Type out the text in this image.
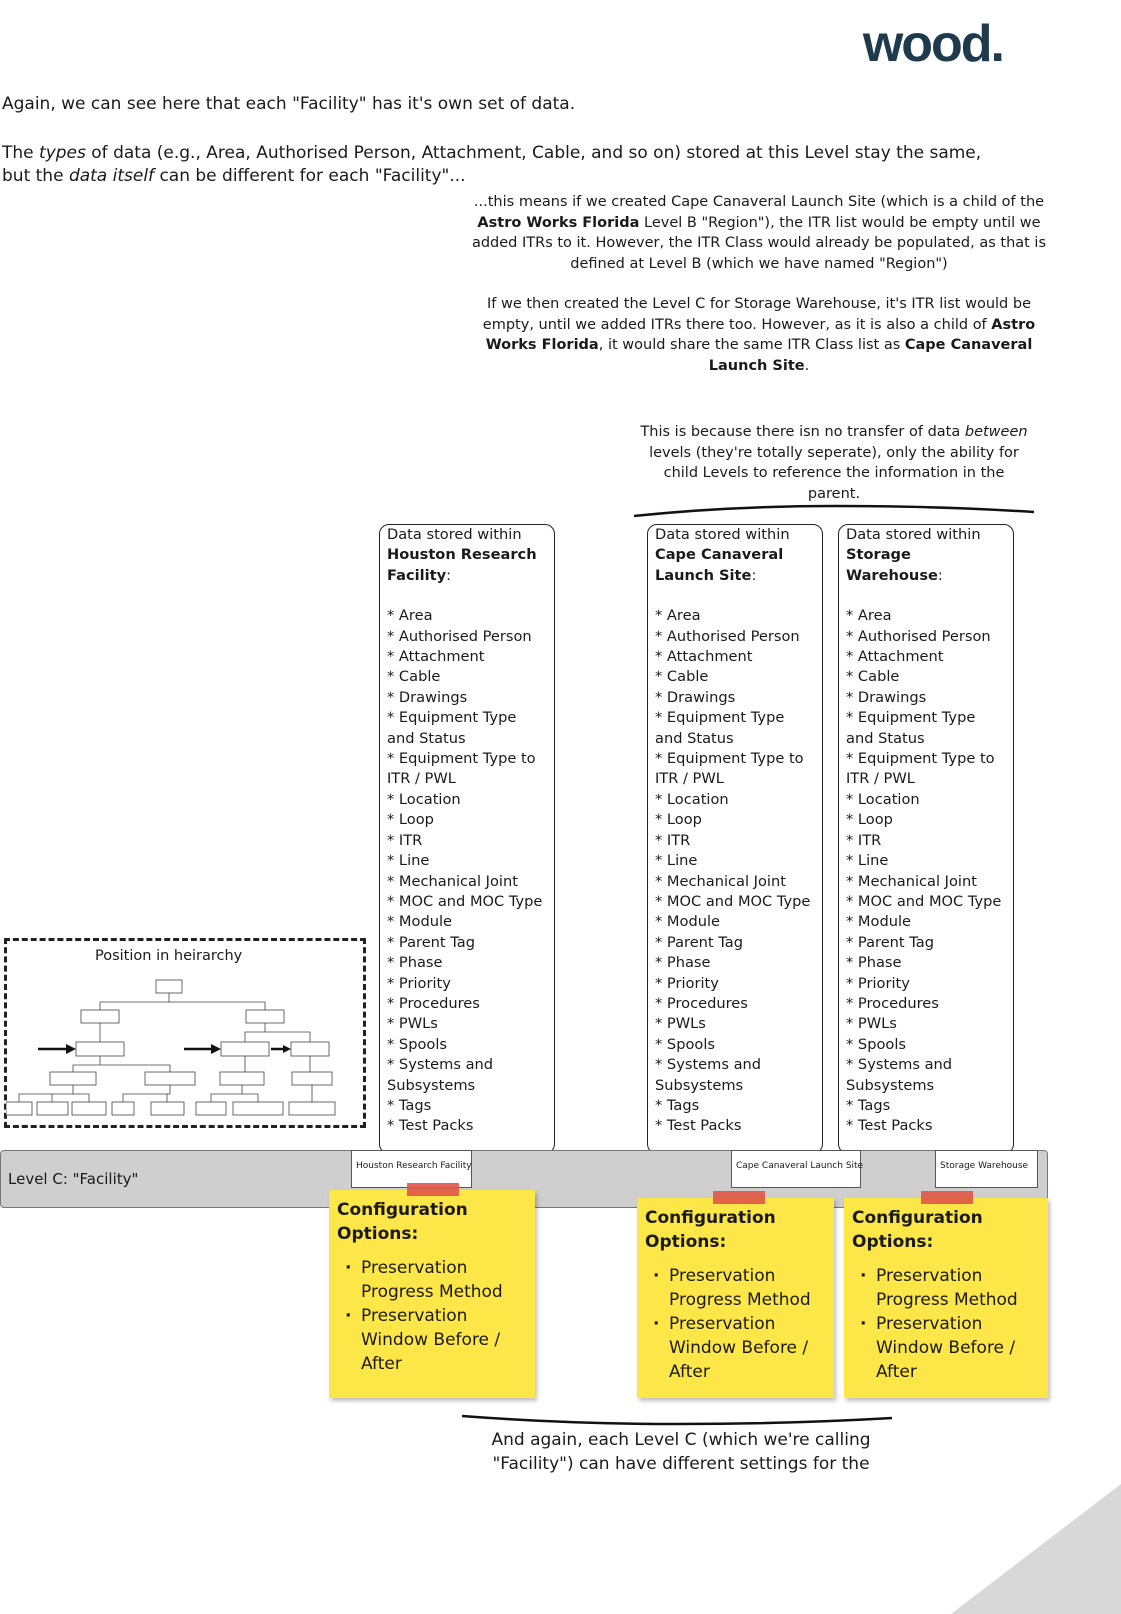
wood.
Again, we can see here that each "Facility" has it's own set of data.
The types of data (e.g., Area, Authorised Person, Attachment, Cable, and so on) stored at this Level stay the same,
but the data itself can be different for each "Facility"...
...this means if we created Cape Canaveral Launch Site (which is a child of the Astro Works Florida Level B "Region"), the ITR list would be empty until we added ITRs to it. However, the ITR Class would already be populated, as that is defined at Level B (which we have named "Region")
If we then created the Level C for Storage Warehouse, it's ITR list would be empty, until we added ITRs there too. However, as it is also a child of Astro Works Florida, it would share the same ITR Class list as Cape Canaveral Launch Site.
This is because there isn no transfer of data between levels (they're totally seperate), only the ability for child Levels to reference the information in the parent.
Data stored within
Houston Research Facility:
* Area
* Authorised Person
* Attachment
* Cable
* Drawings
* Equipment Type and Status
* Equipment Type to ITR / PWL
* Location
* Loop
* ITR
* Line
* Mechanical Joint
* MOC and MOC Type
* Module
* Parent Tag
* Phase
* Priority
* Procedures
* PWLs
* Spools
* Systems and Subsystems
* Tags
* Test Packs
Data stored within
Cape Canaveral Launch Site:
* Area
* Authorised Person
* Attachment
* Cable
* Drawings
* Equipment Type and Status
* Equipment Type to ITR / PWL
* Location
* Loop
* ITR
* Line
* Mechanical Joint
* MOC and MOC Type
* Module
* Parent Tag
* Phase
* Priority
* Procedures
* PWLs
* Spools
* Systems and Subsystems
* Tags
* Test Packs
Data stored within
Storage Warehouse:
* Area
* Authorised Person
* Attachment
* Cable
* Drawings
* Equipment Type and Status
* Equipment Type to ITR / PWL
* Location
* Loop
* ITR
* Line
* Mechanical Joint
* MOC and MOC Type
* Module
* Parent Tag
* Phase
* Priority
* Procedures
* PWLs
* Spools
* Systems and Subsystems
* Tags
* Test Packs
Position in heirarchy
Level C: "Facility"
Houston Research Facility	Cape Canaveral Launch Site	Storage Warehouse
Configuration Options:
· Preservation Progress Method
· Preservation Window Before / After
Configuration Options:
· Preservation Progress Method
· Preservation Window Before / After
Configuration Options:
· Preservation Progress Method
· Preservation Window Before / After
And again, each Level C (which we're calling "Facility") can have different settings for the
